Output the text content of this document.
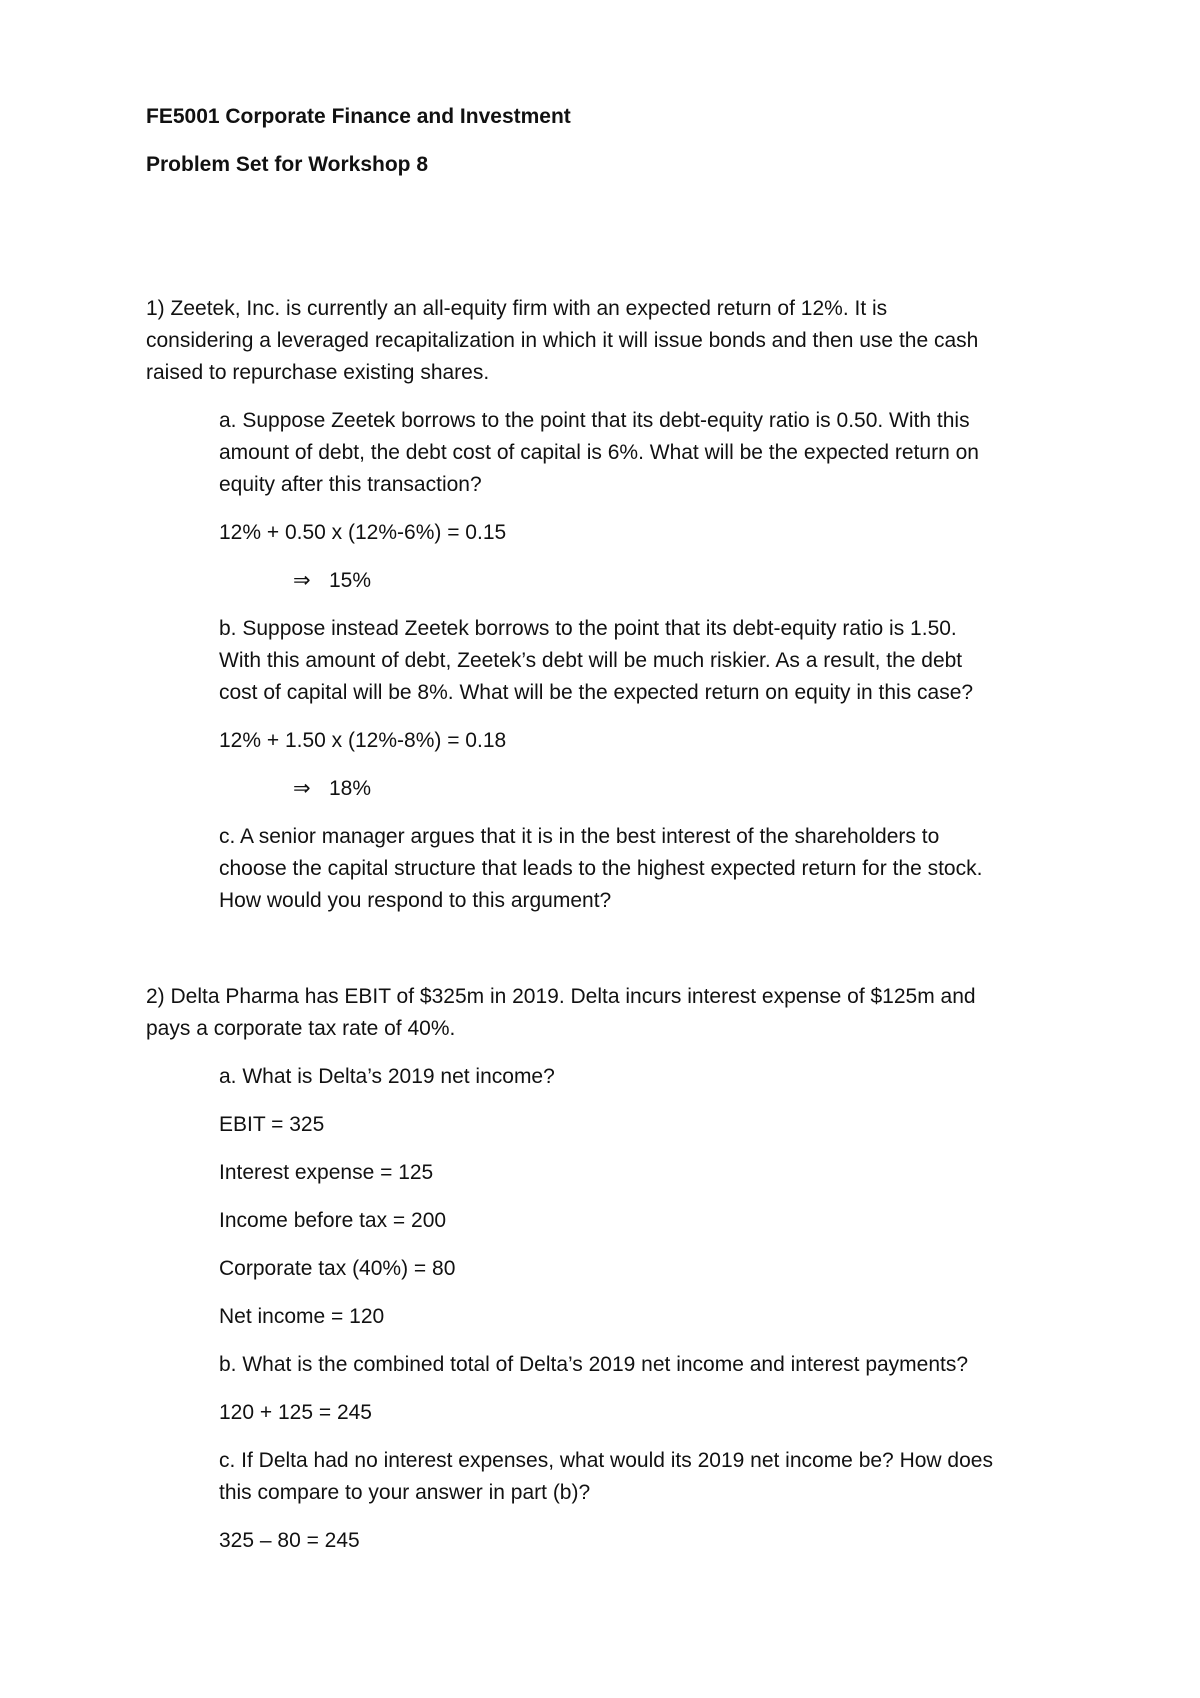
FE5001 Corporate Finance and Investment
Problem Set for Workshop 8
1) Zeetek, Inc. is currently an all-equity firm with an expected return of 12%. It is
considering a leveraged recapitalization in which it will issue bonds and then use the cash
raised to repurchase existing shares.
a. Suppose Zeetek borrows to the point that its debt-equity ratio is 0.50. With this
amount of debt, the debt cost of capital is 6%. What will be the expected return on
equity after this transaction?
12% + 0.50 x (12%-6%) = 0.15
⇒ 15%
b. Suppose instead Zeetek borrows to the point that its debt-equity ratio is 1.50.
With this amount of debt, Zeetek’s debt will be much riskier. As a result, the debt
cost of capital will be 8%. What will be the expected return on equity in this case?
12% + 1.50 x (12%-8%) = 0.18
⇒ 18%
c. A senior manager argues that it is in the best interest of the shareholders to
choose the capital structure that leads to the highest expected return for the stock.
How would you respond to this argument?
2) Delta Pharma has EBIT of $325m in 2019. Delta incurs interest expense of $125m and
pays a corporate tax rate of 40%.
a. What is Delta’s 2019 net income?
EBIT = 325
Interest expense = 125
Income before tax = 200
Corporate tax (40%) = 80
Net income = 120
b. What is the combined total of Delta’s 2019 net income and interest payments?
120 + 125 = 245
c. If Delta had no interest expenses, what would its 2019 net income be? How does
this compare to your answer in part (b)?
325 – 80 = 245
